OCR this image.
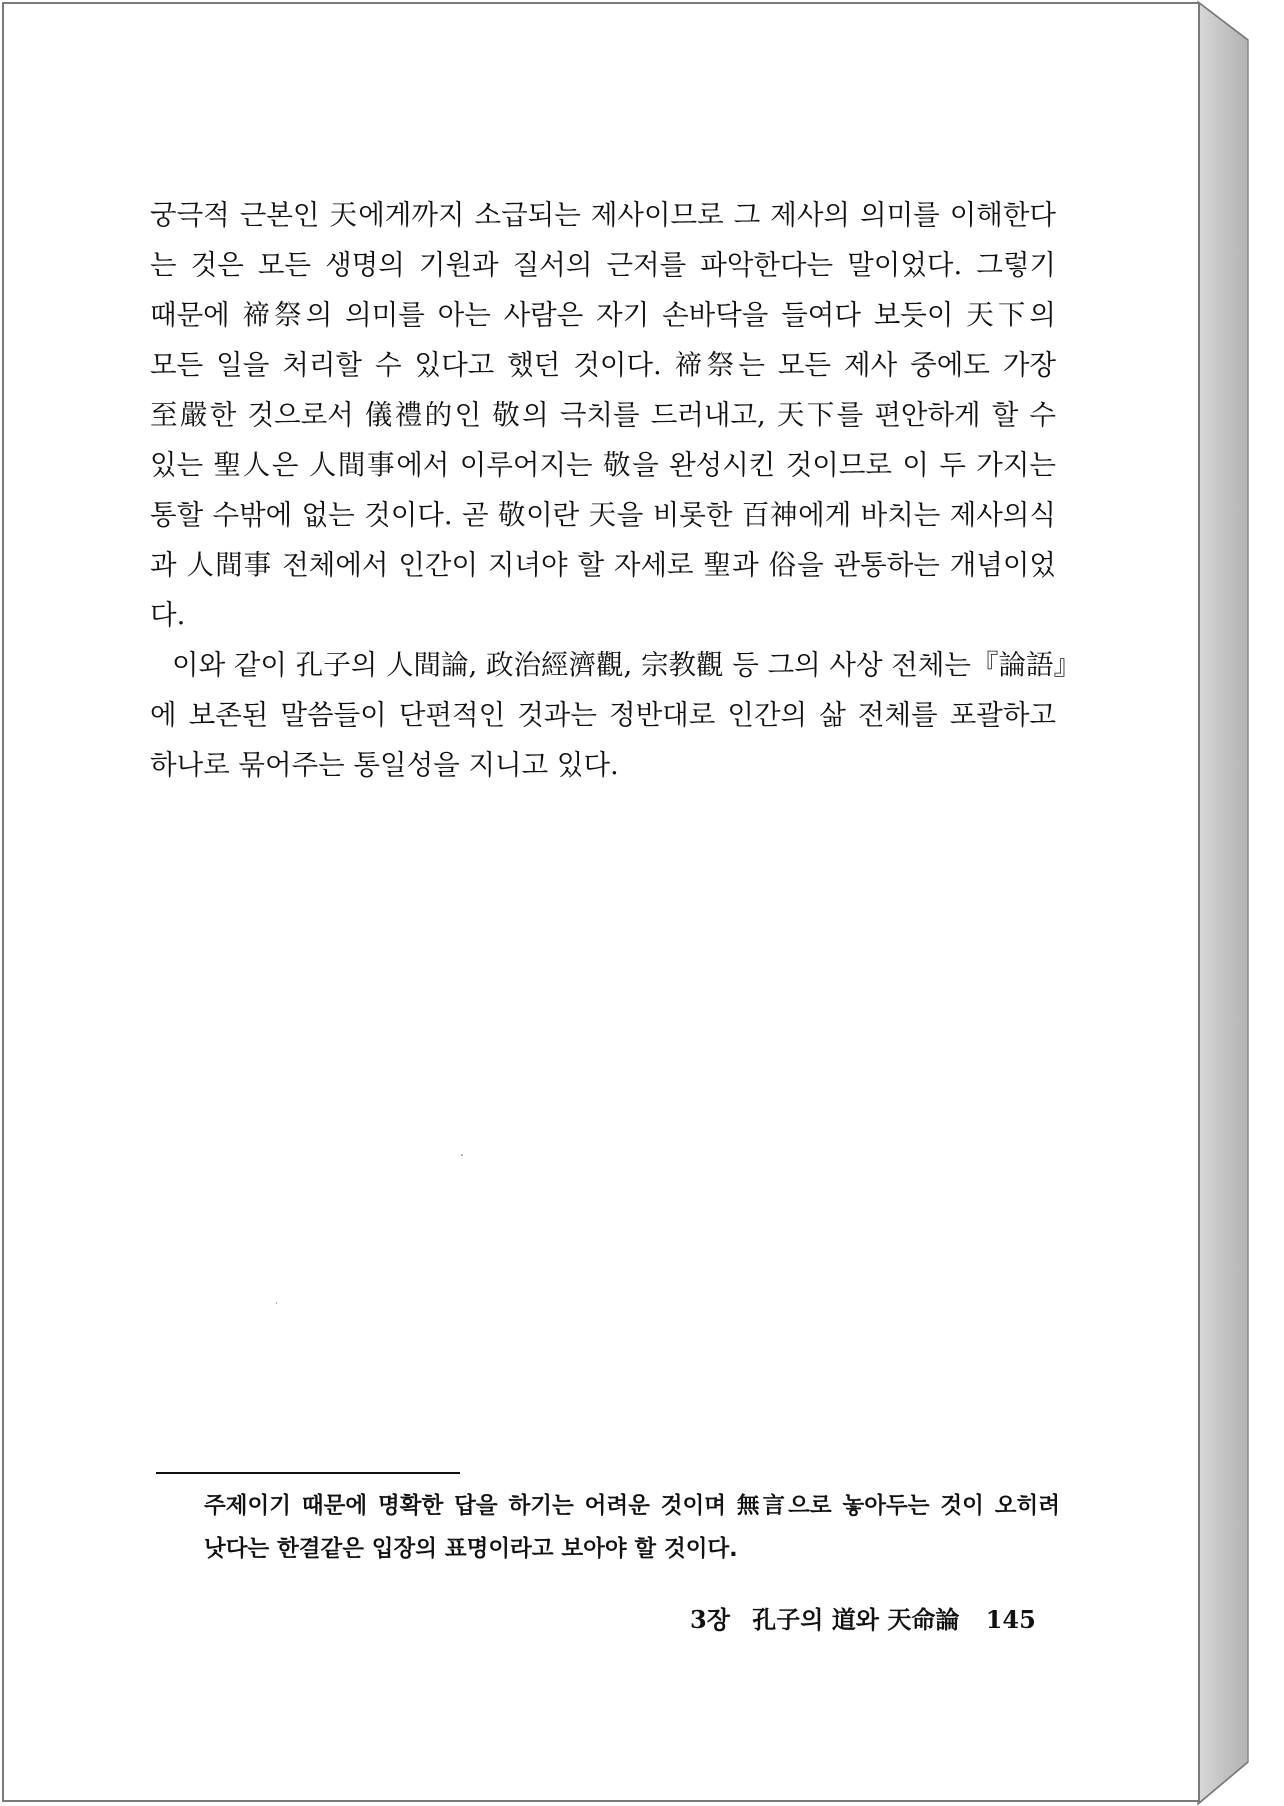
궁극적 근본인 天에게까지 소급되는 제사이므로 그 제사의 의미를 이해한다
는 것은 모든 생명의 기원과 질서의 근저를 파악한다는 말이었다. 그렇기
때문에 禘祭의 의미를 아는 사람은 자기 손바닥을 들여다 보듯이 天下의
모든 일을 처리할 수 있다고 했던 것이다. 禘祭는 모든 제사 중에도 가장
至嚴한 것으로서 儀禮的인 敬의 극치를 드러내고, 天下를 편안하게 할 수
있는 聖人은 人間事에서 이루어지는 敬을 완성시킨 것이므로 이 두 가지는
통할 수밖에 없는 것이다. 곧 敬이란 天을 비롯한 百神에게 바치는 제사의식
과 人間事 전체에서 인간이 지녀야 할 자세로 聖과 俗을 관통하는 개념이었
다.
이와 같이 孔子의 人間論, 政治經濟觀, 宗教觀 등 그의 사상 전체는『論語』
에 보존된 말씀들이 단편적인 것과는 정반대로 인간의 삶 전체를 포괄하고
하나로 묶어주는 통일성을 지니고 있다.
주제이기 때문에 명확한 답을 하기는 어려운 것이며 無言으로 놓아두는 것이 오히려
낫다는 한결같은 입장의 표명이라고 보아야 할 것이다.
3장 孔子의 道와 天命論 145
